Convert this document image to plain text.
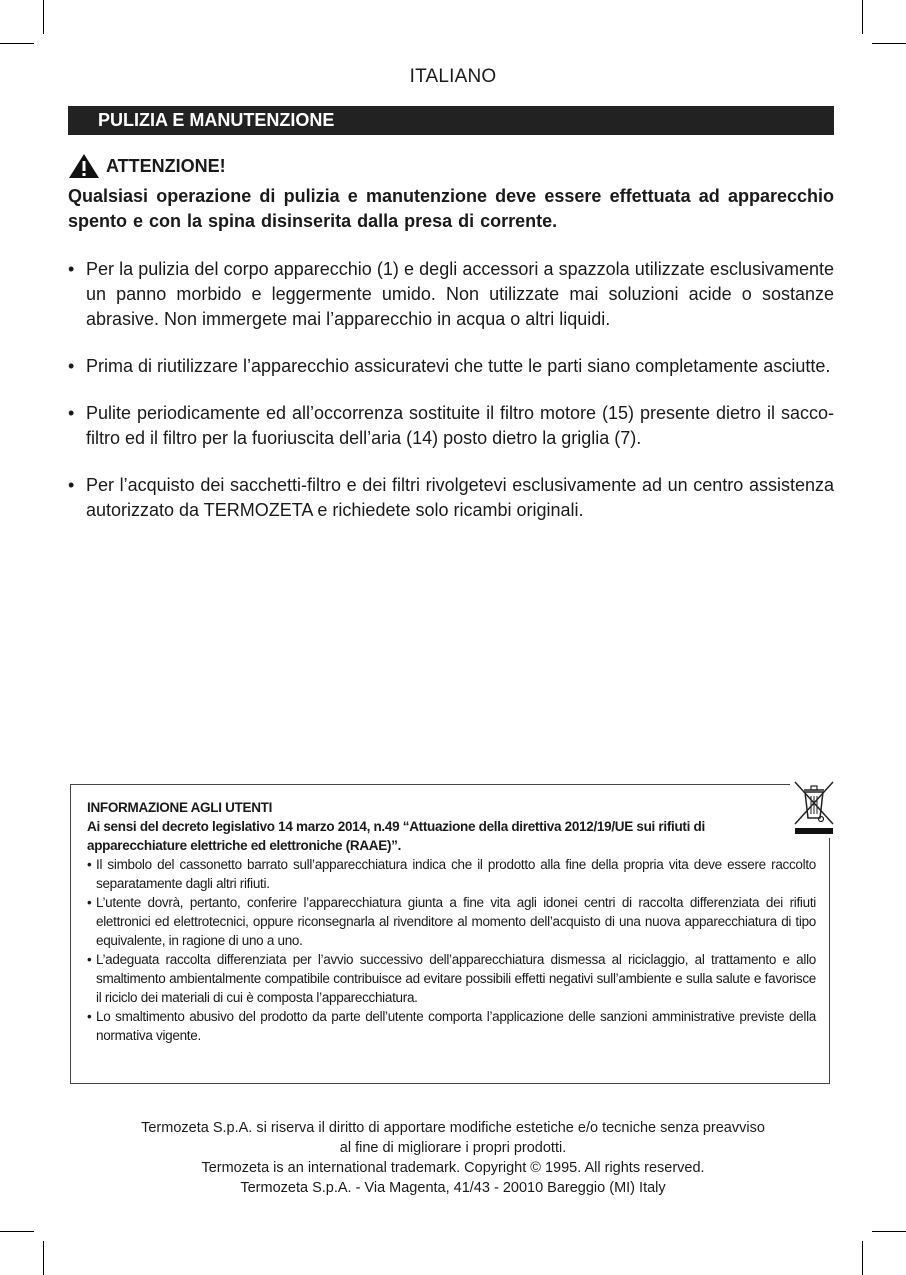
ITALIANO
PULIZIA E MANUTENZIONE
ATTENZIONE!
Qualsiasi operazione di pulizia e manutenzione deve essere effettuata ad apparecchio spento e con la spina disinserita dalla presa di corrente.
• Per la pulizia del corpo apparecchio (1) e degli accessori a spazzola utilizzate esclusivamente un panno morbido e leggermente umido. Non utilizzate mai soluzioni acide o sostanze abrasive. Non immergete mai l’apparecchio in acqua o altri liquidi.
• Prima di riutilizzare l’apparecchio assicuratevi che tutte le parti siano completamente asciutte.
• Pulite periodicamente ed all’occorrenza sostituite il filtro motore (15) presente dietro il sacco-filtro ed il filtro per la fuoriuscita dell’aria (14) posto dietro la griglia (7).
• Per l’acquisto dei sacchetti-filtro e dei filtri rivolgetevi esclusivamente ad un centro assistenza autorizzato da TERMOZETA e richiedete solo ricambi originali.
INFORMAZIONE AGLI UTENTI
Ai sensi del decreto legislativo 14 marzo 2014, n.49 “Attuazione della direttiva 2012/19/UE sui rifiuti di apparecchiature elettriche ed elettroniche (RAAE)”.
• Il simbolo del cassonetto barrato sull’apparecchiatura indica che il prodotto alla fine della propria vita deve essere raccolto separatamente dagli altri rifiuti.
• L’utente dovrà, pertanto, conferire l’apparecchiatura giunta a fine vita agli idonei centri di raccolta differenziata dei rifiuti elettronici ed elettrotecnici, oppure riconsegnarla al rivenditore al momento dell’acquisto di una nuova apparecchiatura di tipo equivalente, in ragione di uno a uno.
• L’adeguata raccolta differenziata per l’avvio successivo dell’apparecchiatura dismessa al riciclaggio, al trattamento e allo smaltimento ambientalmente compatibile contribuisce ad evitare possibili effetti negativi sull’ambiente e sulla salute e favorisce il riciclo dei materiali di cui è composta l’apparecchiatura.
• Lo smaltimento abusivo del prodotto da parte dell’utente comporta l’applicazione delle sanzioni amministrative previste della normativa vigente.
Termozeta S.p.A. si riserva il diritto di apportare modifiche estetiche e/o tecniche senza preavviso
al fine di migliorare i propri prodotti.
Termozeta is an international trademark. Copyright © 1995. All rights reserved.
Termozeta S.p.A. - Via Magenta, 41/43 - 20010 Bareggio (MI) Italy
